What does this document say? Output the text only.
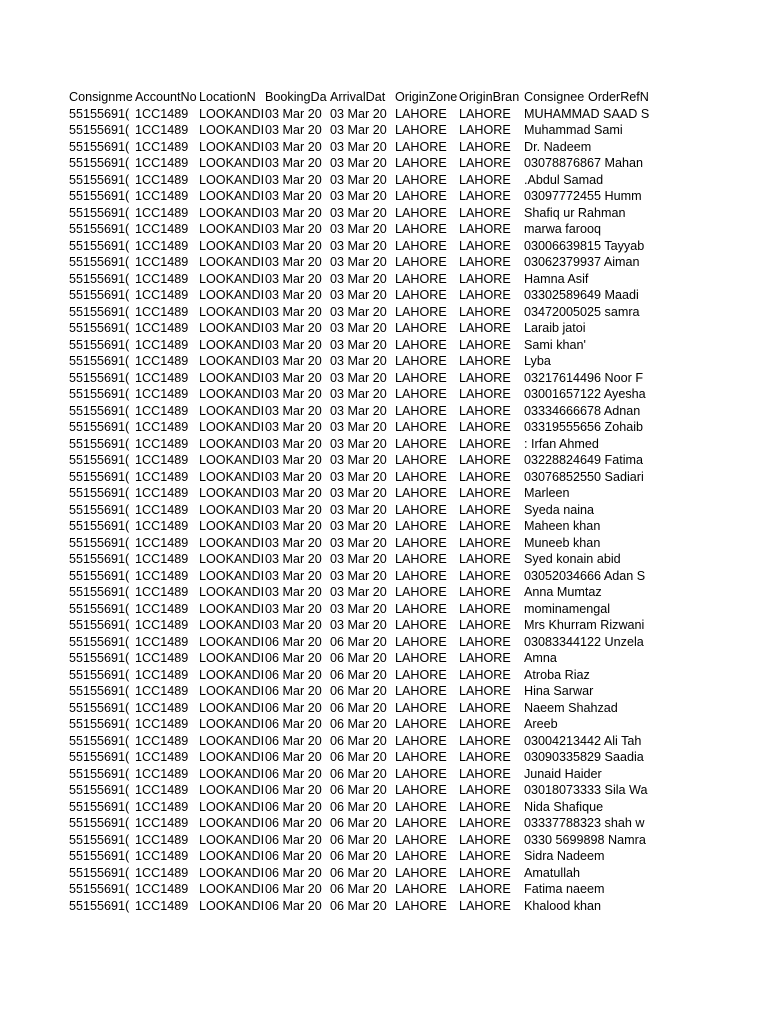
Consignme AccountNo LocationN BookingDa ArrivalDat OriginZone OriginBran Consignee OrderRefN
55155691( 1CC1489 LOOKANDI 03 Mar 20 03 Mar 20 LAHORE LAHORE	MUHAMMAD SAAD S
55155691( 1CC1489 LOOKANDI 03 Mar 20 03 Mar 20 LAHORE LAHORE	Muhammad Sami
55155691( 1CC1489 LOOKANDI 03 Mar 20 03 Mar 20 LAHORE LAHORE	Dr. Nadeem
55155691( 1CC1489 LOOKANDI 03 Mar 20 03 Mar 20 LAHORE LAHORE	03078876867 Mahan
55155691( 1CC1489 LOOKANDI 03 Mar 20 03 Mar 20 LAHORE LAHORE	.Abdul Samad
55155691( 1CC1489 LOOKANDI 03 Mar 20 03 Mar 20 LAHORE LAHORE	03097772455 Humm
55155691( 1CC1489 LOOKANDI 03 Mar 20 03 Mar 20 LAHORE LAHORE	Shafiq ur Rahman
55155691( 1CC1489 LOOKANDI 03 Mar 20 03 Mar 20 LAHORE LAHORE	marwa farooq
55155691( 1CC1489 LOOKANDI 03 Mar 20 03 Mar 20 LAHORE LAHORE	03006639815 Tayyab
55155691( 1CC1489 LOOKANDI 03 Mar 20 03 Mar 20 LAHORE LAHORE	03062379937 Aiman
55155691( 1CC1489 LOOKANDI 03 Mar 20 03 Mar 20 LAHORE LAHORE	Hamna Asif
55155691( 1CC1489 LOOKANDI 03 Mar 20 03 Mar 20 LAHORE LAHORE	03302589649 Maadi
55155691( 1CC1489 LOOKANDI 03 Mar 20 03 Mar 20 LAHORE LAHORE	03472005025 samra
55155691( 1CC1489 LOOKANDI 03 Mar 20 03 Mar 20 LAHORE LAHORE	Laraib jatoi
55155691( 1CC1489 LOOKANDI 03 Mar 20 03 Mar 20 LAHORE LAHORE	Sami khan'
55155691( 1CC1489 LOOKANDI 03 Mar 20 03 Mar 20 LAHORE LAHORE	Lyba
55155691( 1CC1489 LOOKANDI 03 Mar 20 03 Mar 20 LAHORE LAHORE	03217614496 Noor F
55155691( 1CC1489 LOOKANDI 03 Mar 20 03 Mar 20 LAHORE LAHORE	03001657122 Ayesha
55155691( 1CC1489 LOOKANDI 03 Mar 20 03 Mar 20 LAHORE LAHORE	03334666678 Adnan
55155691( 1CC1489 LOOKANDI 03 Mar 20 03 Mar 20 LAHORE LAHORE	03319555656 Zohaib
55155691( 1CC1489 LOOKANDI 03 Mar 20 03 Mar 20 LAHORE LAHORE	: Irfan Ahmed
55155691( 1CC1489 LOOKANDI 03 Mar 20 03 Mar 20 LAHORE LAHORE	03228824649 Fatima
55155691( 1CC1489 LOOKANDI 03 Mar 20 03 Mar 20 LAHORE LAHORE	03076852550 Sadiari
55155691( 1CC1489 LOOKANDI 03 Mar 20 03 Mar 20 LAHORE LAHORE	Marleen
55155691( 1CC1489 LOOKANDI 03 Mar 20 03 Mar 20 LAHORE LAHORE	Syeda naina
55155691( 1CC1489 LOOKANDI 03 Mar 20 03 Mar 20 LAHORE LAHORE	Maheen khan
55155691( 1CC1489 LOOKANDI 03 Mar 20 03 Mar 20 LAHORE LAHORE	Muneeb khan
55155691( 1CC1489 LOOKANDI 03 Mar 20 03 Mar 20 LAHORE LAHORE	Syed konain abid
55155691( 1CC1489 LOOKANDI 03 Mar 20 03 Mar 20 LAHORE LAHORE	03052034666 Adan S
55155691( 1CC1489 LOOKANDI 03 Mar 20 03 Mar 20 LAHORE LAHORE	Anna Mumtaz
55155691( 1CC1489 LOOKANDI 03 Mar 20 03 Mar 20 LAHORE LAHORE	mominamengal
55155691( 1CC1489 LOOKANDI 03 Mar 20 03 Mar 20 LAHORE LAHORE	Mrs Khurram Rizwani
55155691( 1CC1489 LOOKANDI 06 Mar 20 06 Mar 20 LAHORE LAHORE	03083344122 Unzela
55155691( 1CC1489 LOOKANDI 06 Mar 20 06 Mar 20 LAHORE LAHORE	Amna
55155691( 1CC1489 LOOKANDI 06 Mar 20 06 Mar 20 LAHORE LAHORE	Atroba Riaz
55155691( 1CC1489 LOOKANDI 06 Mar 20 06 Mar 20 LAHORE LAHORE	Hina Sarwar
55155691( 1CC1489 LOOKANDI 06 Mar 20 06 Mar 20 LAHORE LAHORE	Naeem Shahzad
55155691( 1CC1489 LOOKANDI 06 Mar 20 06 Mar 20 LAHORE LAHORE	Areeb
55155691( 1CC1489 LOOKANDI 06 Mar 20 06 Mar 20 LAHORE LAHORE	03004213442 Ali Tah
55155691( 1CC1489 LOOKANDI 06 Mar 20 06 Mar 20 LAHORE LAHORE	03090335829 Saadia
55155691( 1CC1489 LOOKANDI 06 Mar 20 06 Mar 20 LAHORE LAHORE	Junaid Haider
55155691( 1CC1489 LOOKANDI 06 Mar 20 06 Mar 20 LAHORE LAHORE	03018073333 Sila Wa
55155691( 1CC1489 LOOKANDI 06 Mar 20 06 Mar 20 LAHORE LAHORE	Nida Shafique
55155691( 1CC1489 LOOKANDI 06 Mar 20 06 Mar 20 LAHORE LAHORE	03337788323 shah w
55155691( 1CC1489 LOOKANDI 06 Mar 20 06 Mar 20 LAHORE LAHORE	0330 5699898 Namra
55155691( 1CC1489 LOOKANDI 06 Mar 20 06 Mar 20 LAHORE LAHORE	Sidra Nadeem
55155691( 1CC1489 LOOKANDI 06 Mar 20 06 Mar 20 LAHORE LAHORE	Amatullah
55155691( 1CC1489 LOOKANDI 06 Mar 20 06 Mar 20 LAHORE LAHORE	Fatima naeem
55155691( 1CC1489 LOOKANDI 06 Mar 20 06 Mar 20 LAHORE LAHORE	Khalood khan
